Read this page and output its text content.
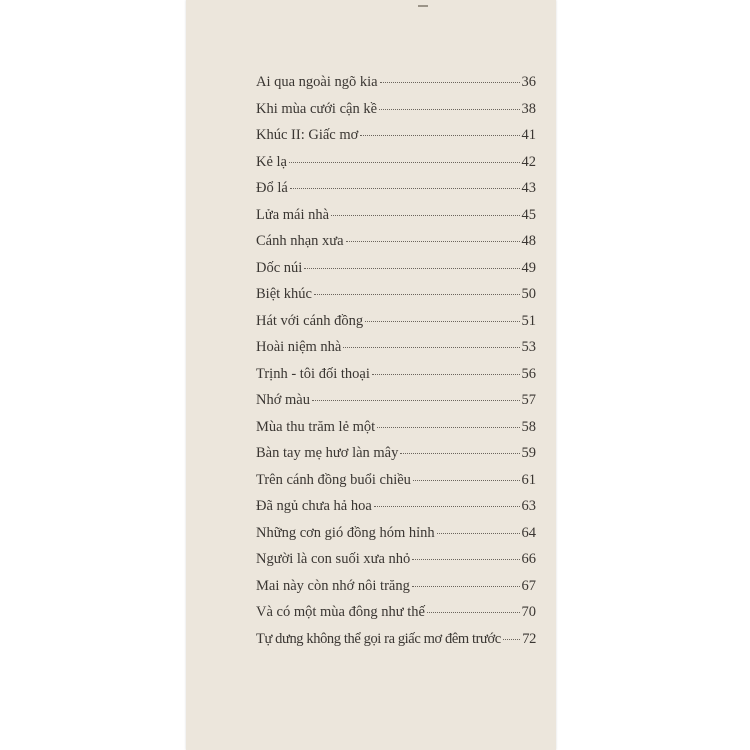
Ai qua ngoài ngõ kia	36
Khi mùa cưới cận kề	38
Khúc II: Giấc mơ	41
Kẻ lạ	42
Đổ lá	43
Lửa mái nhà	45
Cánh nhạn xưa	48
Dốc núi	49
Biệt khúc	50
Hát với cánh đồng	51
Hoài niệm nhà	53
Trịnh - tôi đối thoại	56
Nhớ màu	57
Mùa thu trăm lẻ một	58
Bàn tay mẹ hươ làn mây	59
Trên cánh đồng buổi chiều	61
Đã ngủ chưa hả hoa	63
Những cơn gió đồng hóm hỉnh	64
Người là con suối xưa nhỏ	66
Mai này còn nhớ nôi trăng	67
Và có một mùa đông như thế	70
Tự dưng không thể gọi ra giấc mơ đêm trước 72
